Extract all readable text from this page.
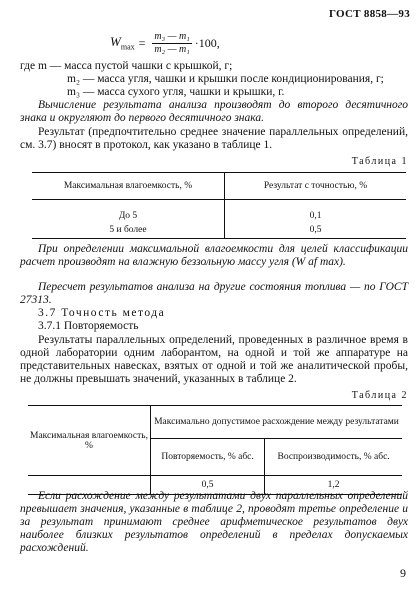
ГОСТ 8858—93
$W_{max} = \frac{\text{m₃ — m₁}}{\text{m₂ — m₁}} \cdot 100$,
где m — масса пустой чашки с крышкой, г;
m₂ — масса угля, чашки и крышки после кондиционирования, г;
m₃ — масса сухого угля, чашки и крышки, г.
Вычисление результата анализа производят до второго десятичного знака и округляют до первого десятичного знака.
Результат (предпочтительно среднее значение параллельных определений, см. 3.7) вносят в протокол, как указано в таблице 1.
Таблица 1
Максимальная влагоемкость, %	Результат с точностью, %
До 5	0,1
5 и более	0,5
При определении максимальной влагоемкости для целей классификации расчет производят на влажную беззольную массу угля (W af max).
Пересчет результатов анализа на другие состояния топлива — по ГОСТ 27313.
3.7 Точность метода
3.7.1 Повторяемость
Результаты параллельных определений, проведенных в различное время в одной лаборатории одним лаборантом, на одной и той же аппаратуре на представительных навесках, взятых от одной и той же аналитической пробы, не должны превышать значений, указанных в таблице 2.
Таблица 2
Максимальная влагоемкость, %	Максимально допустимое расхождение между результатами	
	Повторяемость, % абс.	Воспроизводимость, % абс.
	0,5	1,2
Если расхождение между результатами двух параллельных определений превышает значения, указанные в таблице 2, проводят третье определение и за результат принимают среднее арифметическое результатов двух наиболее близких результатов определений в пределах допускаемых расхождений.
9
